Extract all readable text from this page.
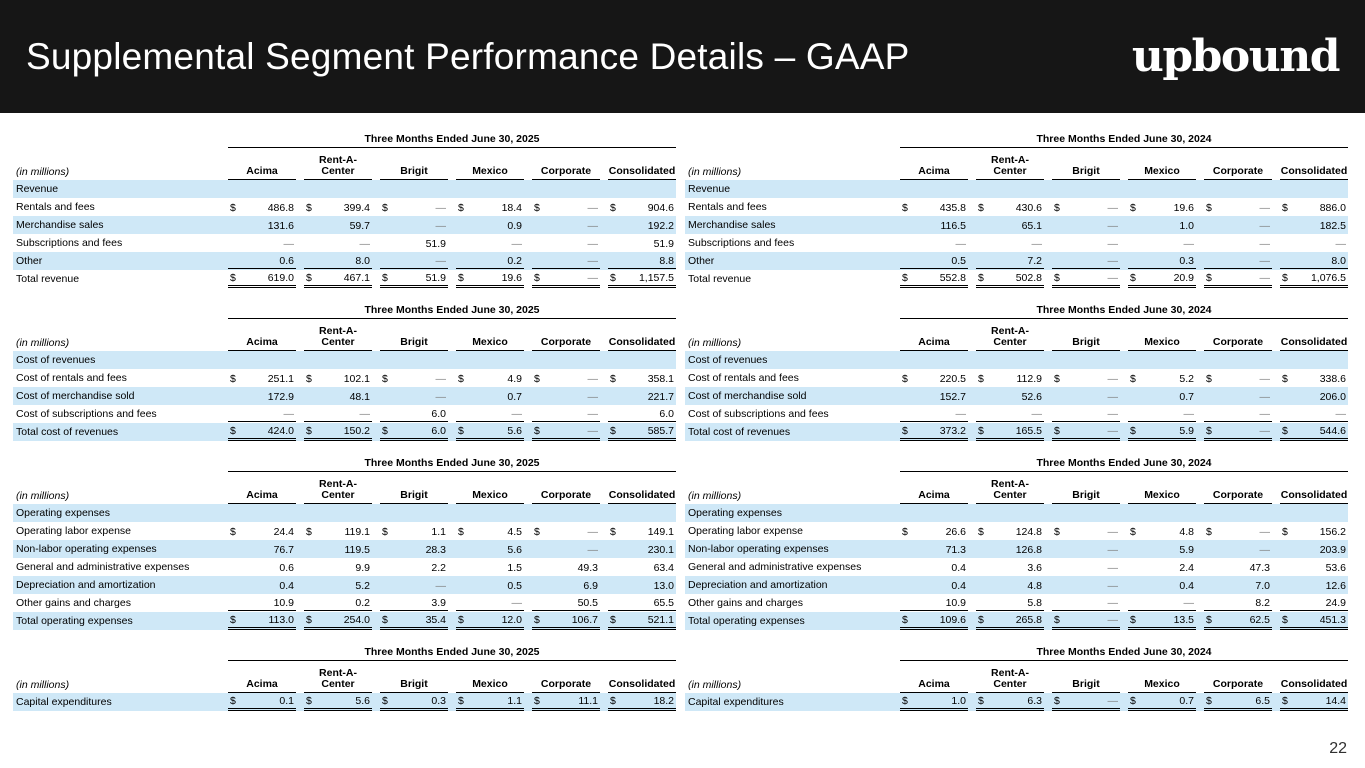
Supplemental Segment Performance Details – GAAP	upbound

	Three Months Ended June 30, 2025					

(in millions)	Acima	Rent-A-Center	Brigit	Mexico	Corporate	Consolidated

Revenue						
Rentals and fees	$ 486.8	$ 399.4	$ —	$ 18.4	$ —	$ 904.6

Merchandise sales	131.6	59.7	—	0.9	—	192.2

Subscriptions and fees	—	—	51.9	—	—	51.9

Other	0.6	8.0	—	0.2	—	8.8

Total revenue	$ 619.0	$ 467.1	$ 51.9	$ 19.6	$ —	$ 1,157.5

	Three Months Ended June 30, 2024					

(in millions)	Acima	Rent-A-Center	Brigit	Mexico	Corporate	Consolidated

Revenue						
Rentals and fees	$ 435.8	$ 430.6	$ —	$ 19.6	$ —	$ 886.0

Merchandise sales	116.5	65.1	—	1.0	—	182.5

Subscriptions and fees	—	—	—	—	—	—

Other	0.5	7.2	—	0.3	—	8.0

Total revenue	$ 552.8	$ 502.8	$ —	$ 20.9	$ —	$ 1,076.5

	Three Months Ended June 30, 2025					

(in millions)	Acima	Rent-A-Center	Brigit	Mexico	Corporate	Consolidated

Cost of revenues						
Cost of rentals and fees	$ 251.1	$ 102.1	$ —	$ 4.9	$ —	$ 358.1

Cost of merchandise sold	172.9	48.1	—	0.7	—	221.7

Cost of subscriptions and fees	—	—	6.0	—	—	6.0

Total cost of revenues	$ 424.0	$ 150.2	$ 6.0	$ 5.6	$ —	$ 585.7

	Three Months Ended June 30, 2024					

(in millions)	Acima	Rent-A-Center	Brigit	Mexico	Corporate	Consolidated

Cost of revenues						
Cost of rentals and fees	$ 220.5	$ 112.9	$ —	$ 5.2	$ —	$ 338.6

Cost of merchandise sold	152.7	52.6	—	0.7	—	206.0

Cost of subscriptions and fees	—	—	—	—	—	—

Total cost of revenues	$ 373.2	$ 165.5	$ —	$ 5.9	$ —	$ 544.6

	Three Months Ended June 30, 2025					

(in millions)	Acima	Rent-A-Center	Brigit	Mexico	Corporate	Consolidated

Operating expenses						
Operating labor expense	$ 24.4	$ 119.1	$ 1.1	$ 4.5	$ —	$ 149.1

Non-labor operating expenses	76.7	119.5	28.3	5.6	—	230.1

General and administrative expenses	0.6	9.9	2.2	1.5	49.3	63.4

Depreciation and amortization	0.4	5.2	—	0.5	6.9	13.0

Other gains and charges	10.9	0.2	3.9	—	50.5	65.5

Total operating expenses	$ 113.0	$ 254.0	$ 35.4	$ 12.0	$ 106.7	$ 521.1

	Three Months Ended June 30, 2024					

(in millions)	Acima	Rent-A-Center	Brigit	Mexico	Corporate	Consolidated

Operating expenses						
Operating labor expense	$ 26.6	$ 124.8	$ —	$ 4.8	$ —	$ 156.2

Non-labor operating expenses	71.3	126.8	—	5.9	—	203.9

General and administrative expenses	0.4	3.6	—	2.4	47.3	53.6

Depreciation and amortization	0.4	4.8	—	0.4	7.0	12.6

Other gains and charges	10.9	5.8	—	—	8.2	24.9

Total operating expenses	$ 109.6	$ 265.8	$ —	$ 13.5	$ 62.5	$ 451.3

	Three Months Ended June 30, 2025					

(in millions)	Acima	Rent-A-Center	Brigit	Mexico	Corporate	Consolidated

Capital expenditures	$ 0.1	$ 5.6	$ 0.3	$ 1.1	$ 11.1	$ 18.2

	Three Months Ended June 30, 2024					

(in millions)	Acima	Rent-A-Center	Brigit	Mexico	Corporate	Consolidated

Capital expenditures	$ 1.0	$ 6.3	$ —	$ 0.7	$ 6.5	$ 14.4
22
